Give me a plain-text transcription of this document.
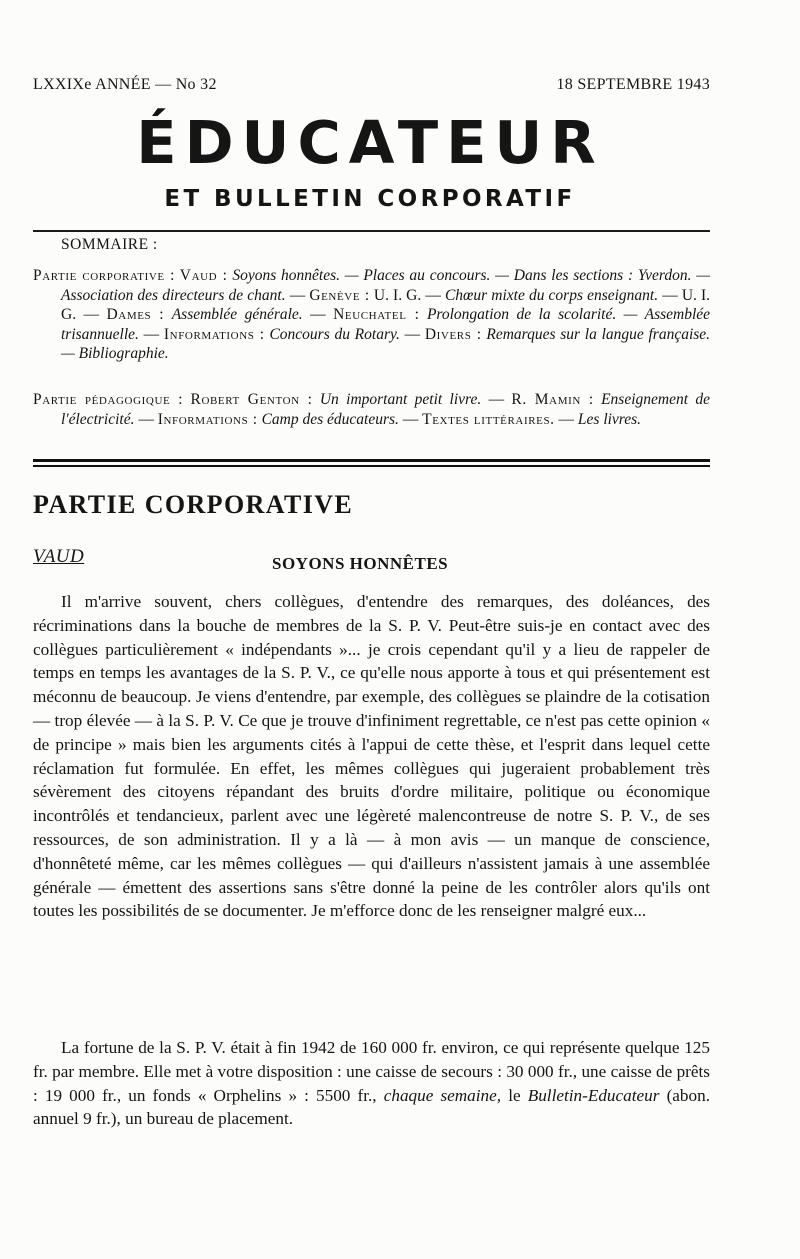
LXXIXe ANNÉE — No 32	18 SEPTEMBRE 1943
ÉDUCATEUR
ET BULLETIN CORPORATIF
SOMMAIRE :
Partie corporative : Vaud : Soyons honnêtes. — Places au concours. — Dans les sections : Yverdon. — Association des directeurs de chant. — Genève : U. I. G. — Chœur mixte du corps enseignant. — U. I. G. — Dames : Assemblée générale. — Neuchatel : Prolongation de la scolarité. — Assemblée trisannuelle. — Informations : Concours du Rotary. — Divers : Remarques sur la langue française. — Bibliographie.
Partie pédagogique : Robert Genton : Un important petit livre. — R. Mamin : Enseignement de l'électricité. — Informations : Camp des éducateurs. — Textes littéraires. — Les livres.
PARTIE CORPORATIVE
VAUD	SOYONS HONNÊTES

Il m'arrive souvent, chers collègues, d'entendre des remarques, des doléances, des récriminations dans la bouche de membres de la S. P. V. Peut-être suis-je en contact avec des collègues particulièrement « indépendants »... je crois cependant qu'il y a lieu de rappeler de temps en temps les avantages de la S. P. V., ce qu'elle nous apporte à tous et qui présentement est méconnu de beaucoup. Je viens d'entendre, par exemple, des collègues se plaindre de la cotisation — trop élevée — à la S. P. V. Ce que je trouve d'infiniment regrettable, ce n'est pas cette opinion « de principe » mais bien les arguments cités à l'appui de cette thèse, et l'esprit dans lequel cette réclamation fut formulée. En effet, les mêmes collègues qui jugeraient probablement très sévèrement des citoyens répandant des bruits d'ordre militaire, politique ou économique incontrôlés et tendancieux, parlent avec une légèreté malencontreuse de notre S. P. V., de ses ressources, de son administration. Il y a là — à mon avis — un manque de conscience, d'honnêteté même, car les mêmes collègues — qui d'ailleurs n'assistent jamais à une assemblée générale — émettent des assertions sans s'être donné la peine de les contrôler alors qu'ils ont toutes les possibilités de se documenter. Je m'efforce donc de les renseigner malgré eux...

La fortune de la S. P. V. était à fin 1942 de 160 000 fr. environ, ce qui représente quelque 125 fr. par membre. Elle met à votre disposition : une caisse de secours : 30 000 fr., une caisse de prêts : 19 000 fr., un fonds « Orphelins » : 5500 fr., chaque semaine, le Bulletin-Educateur (abon. annuel 9 fr.), un bureau de placement.
